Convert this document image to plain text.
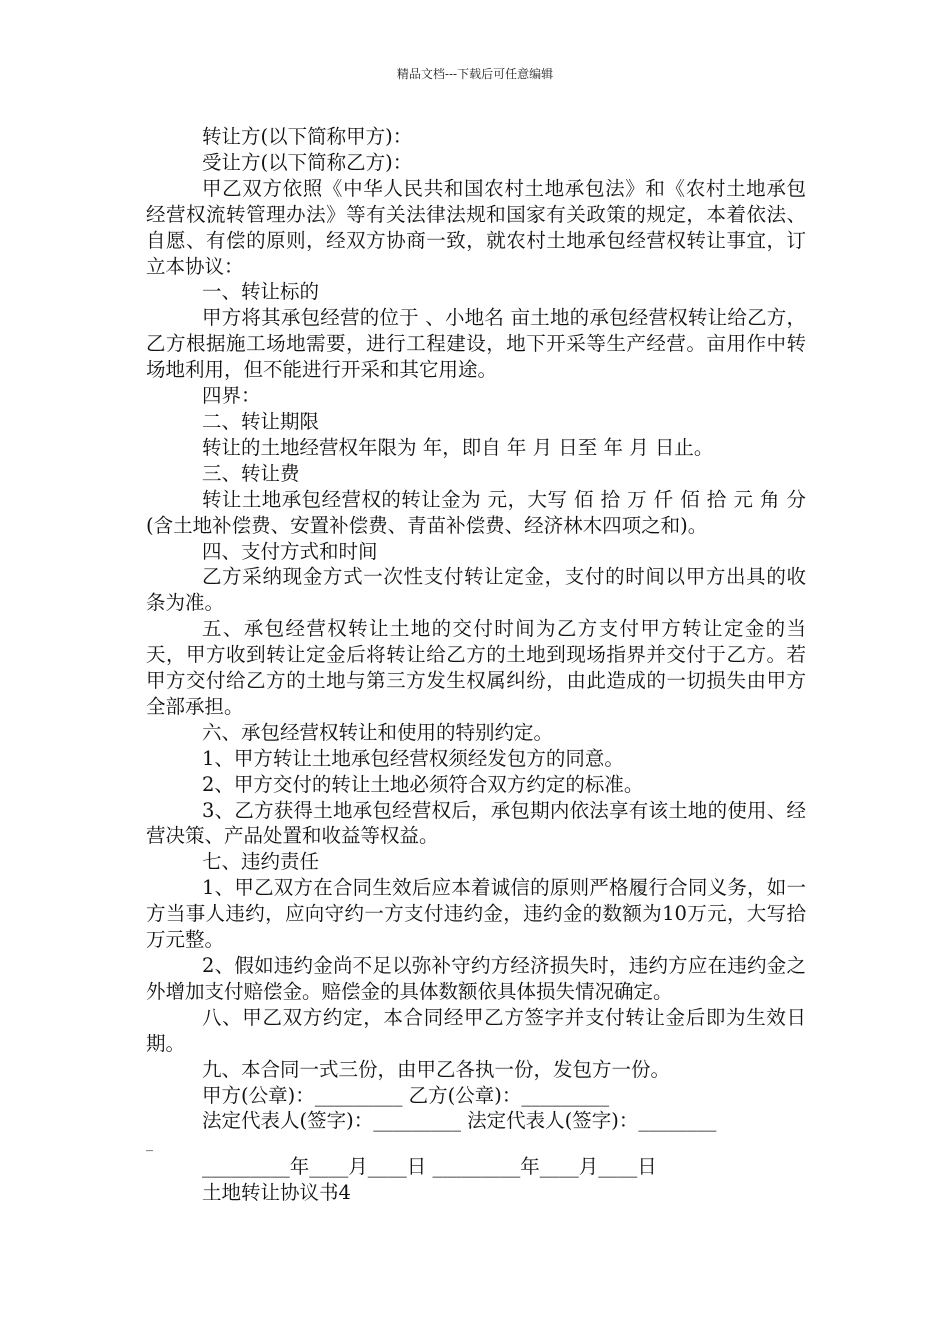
精品文档---下载后可任意编辑

转让方(以下简称甲方)：

受让方(以下简称乙方)：

甲乙双方依照《中华人民共和国农村土地承包法》和《农村土地承包经营权流转管理办法》等有关法律法规和国家有关政策的规定，本着依法、自愿、有偿的原则，经双方协商一致，就农村土地承包经营权转让事宜，订立本协议：

一、转让标的

甲方将其承包经营的位于 、小地名 亩土地的承包经营权转让给乙方，乙方根据施工场地需要，进行工程建设，地下开采等生产经营。亩用作中转场地利用，但不能进行开采和其它用途。

四界：

二、转让期限

转让的土地经营权年限为 年，即自 年 月 日至 年 月 日止。

三、转让费

转让土地承包经营权的转让金为 元，大写 佰 拾 万 仟 佰 拾 元 角 分(含土地补偿费、安置补偿费、青苗补偿费、经济林木四项之和)。

四、支付方式和时间

乙方采纳现金方式一次性支付转让定金，支付的时间以甲方出具的收条为准。

五、承包经营权转让土地的交付时间为乙方支付甲方转让定金的当天，甲方收到转让定金后将转让给乙方的土地到现场指界并交付于乙方。若甲方交付给乙方的土地与第三方发生权属纠纷，由此造成的一切损失由甲方全部承担。

六、承包经营权转让和使用的特别约定。

1、甲方转让土地承包经营权须经发包方的同意。

2、甲方交付的转让土地必须符合双方约定的标准。

3、乙方获得土地承包经营权后，承包期内依法享有该土地的使用、经营决策、产品处置和收益等权益。

七、违约责任

1、甲乙双方在合同生效后应本着诚信的原则严格履行合同义务，如一方当事人违约，应向守约一方支付违约金，违约金的数额为10万元，大写拾万元整。

2、假如违约金尚不足以弥补守约方经济损失时，违约方应在违约金之外增加支付赔偿金。赔偿金的具体数额依具体损失情况确定。

八、甲乙双方约定，本合同经甲乙方签字并支付转让金后即为生效日期。

九、本合同一式三份，由甲乙各执一份，发包方一份。

甲方(公章)：_________ 乙方(公章)：_________

法定代表人(签字)：_________ 法定代表人(签字)：________

_

_________年____月____日 _________年____月____日

土地转让协议书4
